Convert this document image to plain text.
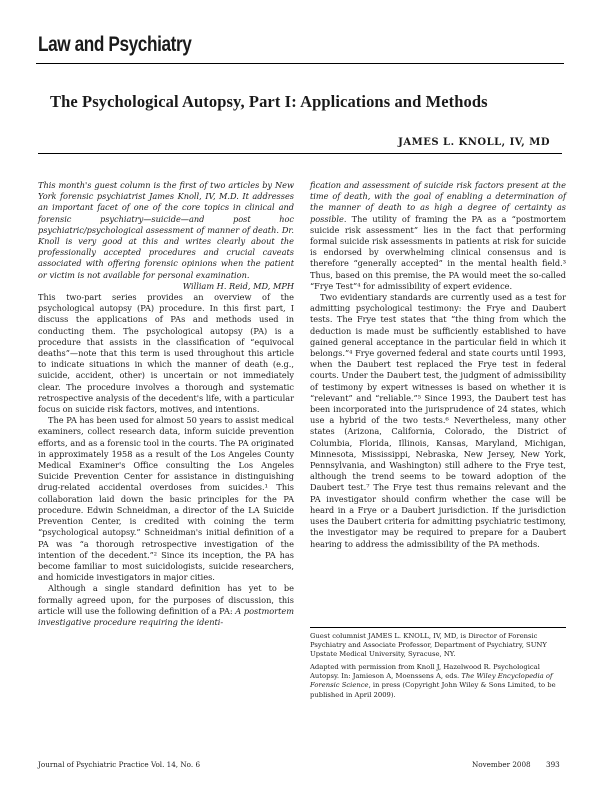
Law and Psychiatry
The Psychological Autopsy, Part I: Applications and Methods
JAMES L. KNOLL, IV, MD

This month's guest column is the first of two articles by New York forensic psychiatrist James Knoll, IV, M.D. It addresses an important facet of one of the core topics in clinical and forensic psychiatry—suicide—and post hoc psychiatric/psychological assessment of manner of death. Dr. Knoll is very good at this and writes clearly about the professionally accepted procedures and crucial caveats associated with offering forensic opinions when the patient or victim is not available for personal examination.

William H. Reid, MD, MPH

This two-part series provides an overview of the psychological autopsy (PA) procedure. In this first part, I discuss the applications of PAs and methods used in conducting them. The psychological autopsy (PA) is a procedure that assists in the classification of “equivocal deaths”—note that this term is used throughout this article to indicate situations in which the manner of death (e.g., suicide, accident, other) is uncertain or not immediately clear. The procedure involves a thorough and systematic retrospective analysis of the decedent's life, with a particular focus on suicide risk factors, motives, and intentions.

The PA has been used for almost 50 years to assist medical examiners, collect research data, inform suicide prevention efforts, and as a forensic tool in the courts. The PA originated in approximately 1958 as a result of the Los Angeles County Medical Examiner's Office consulting the Los Angeles Suicide Prevention Center for assistance in distinguishing drug-related accidental overdoses from suicides.¹ This collaboration laid down the basic principles for the PA procedure. Edwin Schneidman, a director of the LA Suicide Prevention Center, is credited with coining the term “psychological autopsy.” Schneidman's initial definition of a PA was “a thorough retrospective investigation of the intention of the decedent.”² Since its inception, the PA has become familiar to most suicidologists, suicide researchers, and homicide investigators in major cities.

Although a single standard definition has yet to be formally agreed upon, for the purposes of discussion, this article will use the following definition of a PA: A postmortem investigative procedure requiring the identi-

fication and assessment of suicide risk factors present at the time of death, with the goal of enabling a determination of the manner of death to as high a degree of certainty as possible. The utility of framing the PA as a “postmortem suicide risk assessment” lies in the fact that performing formal suicide risk assessments in patients at risk for suicide is endorsed by overwhelming clinical consensus and is therefore “generally accepted” in the mental health field.³ Thus, based on this premise, the PA would meet the so-called “Frye Test”⁴ for admissibility of expert evidence.

Two evidentiary standards are currently used as a test for admitting psychological testimony: the Frye and Daubert tests. The Frye test states that “the thing from which the deduction is made must be sufficiently established to have gained general acceptance in the particular field in which it belongs.”⁴ Frye governed federal and state courts until 1993, when the Daubert test replaced the Frye test in federal courts. Under the Daubert test, the judgment of admissibility of testimony by expert witnesses is based on whether it is “relevant” and “reliable.”⁵ Since 1993, the Daubert test has been incorporated into the jurisprudence of 24 states, which use a hybrid of the two tests.⁶ Nevertheless, many other states (Arizona, California, Colorado, the District of Columbia, Florida, Illinois, Kansas, Maryland, Michigan, Minnesota, Mississippi, Nebraska, New Jersey, New York, Pennsylvania, and Washington) still adhere to the Frye test, although the trend seems to be toward adoption of the Daubert test.⁷ The Frye test thus remains relevant and the PA investigator should confirm whether the case will be heard in a Frye or a Daubert jurisdiction. If the jurisdiction uses the Daubert criteria for admitting psychiatric testimony, the investigator may be required to prepare for a Daubert hearing to address the admissibility of the PA methods.

Guest columnist JAMES L. KNOLL, IV, MD, is Director of Forensic Psychiatry and Associate Professor, Department of Psychiatry, SUNY Upstate Medical University, Syracuse, NY.

Adapted with permission from Knoll J, Hazelwood R. Psychological Autopsy. In: Jamieson A, Moenssens A, eds. The Wiley Encyclopedia of Forensic Science, in press (Copyright John Wiley & Sons Limited, to be published in April 2009).

Journal of Psychiatric Practice Vol. 14, No. 6	November 2008 393
